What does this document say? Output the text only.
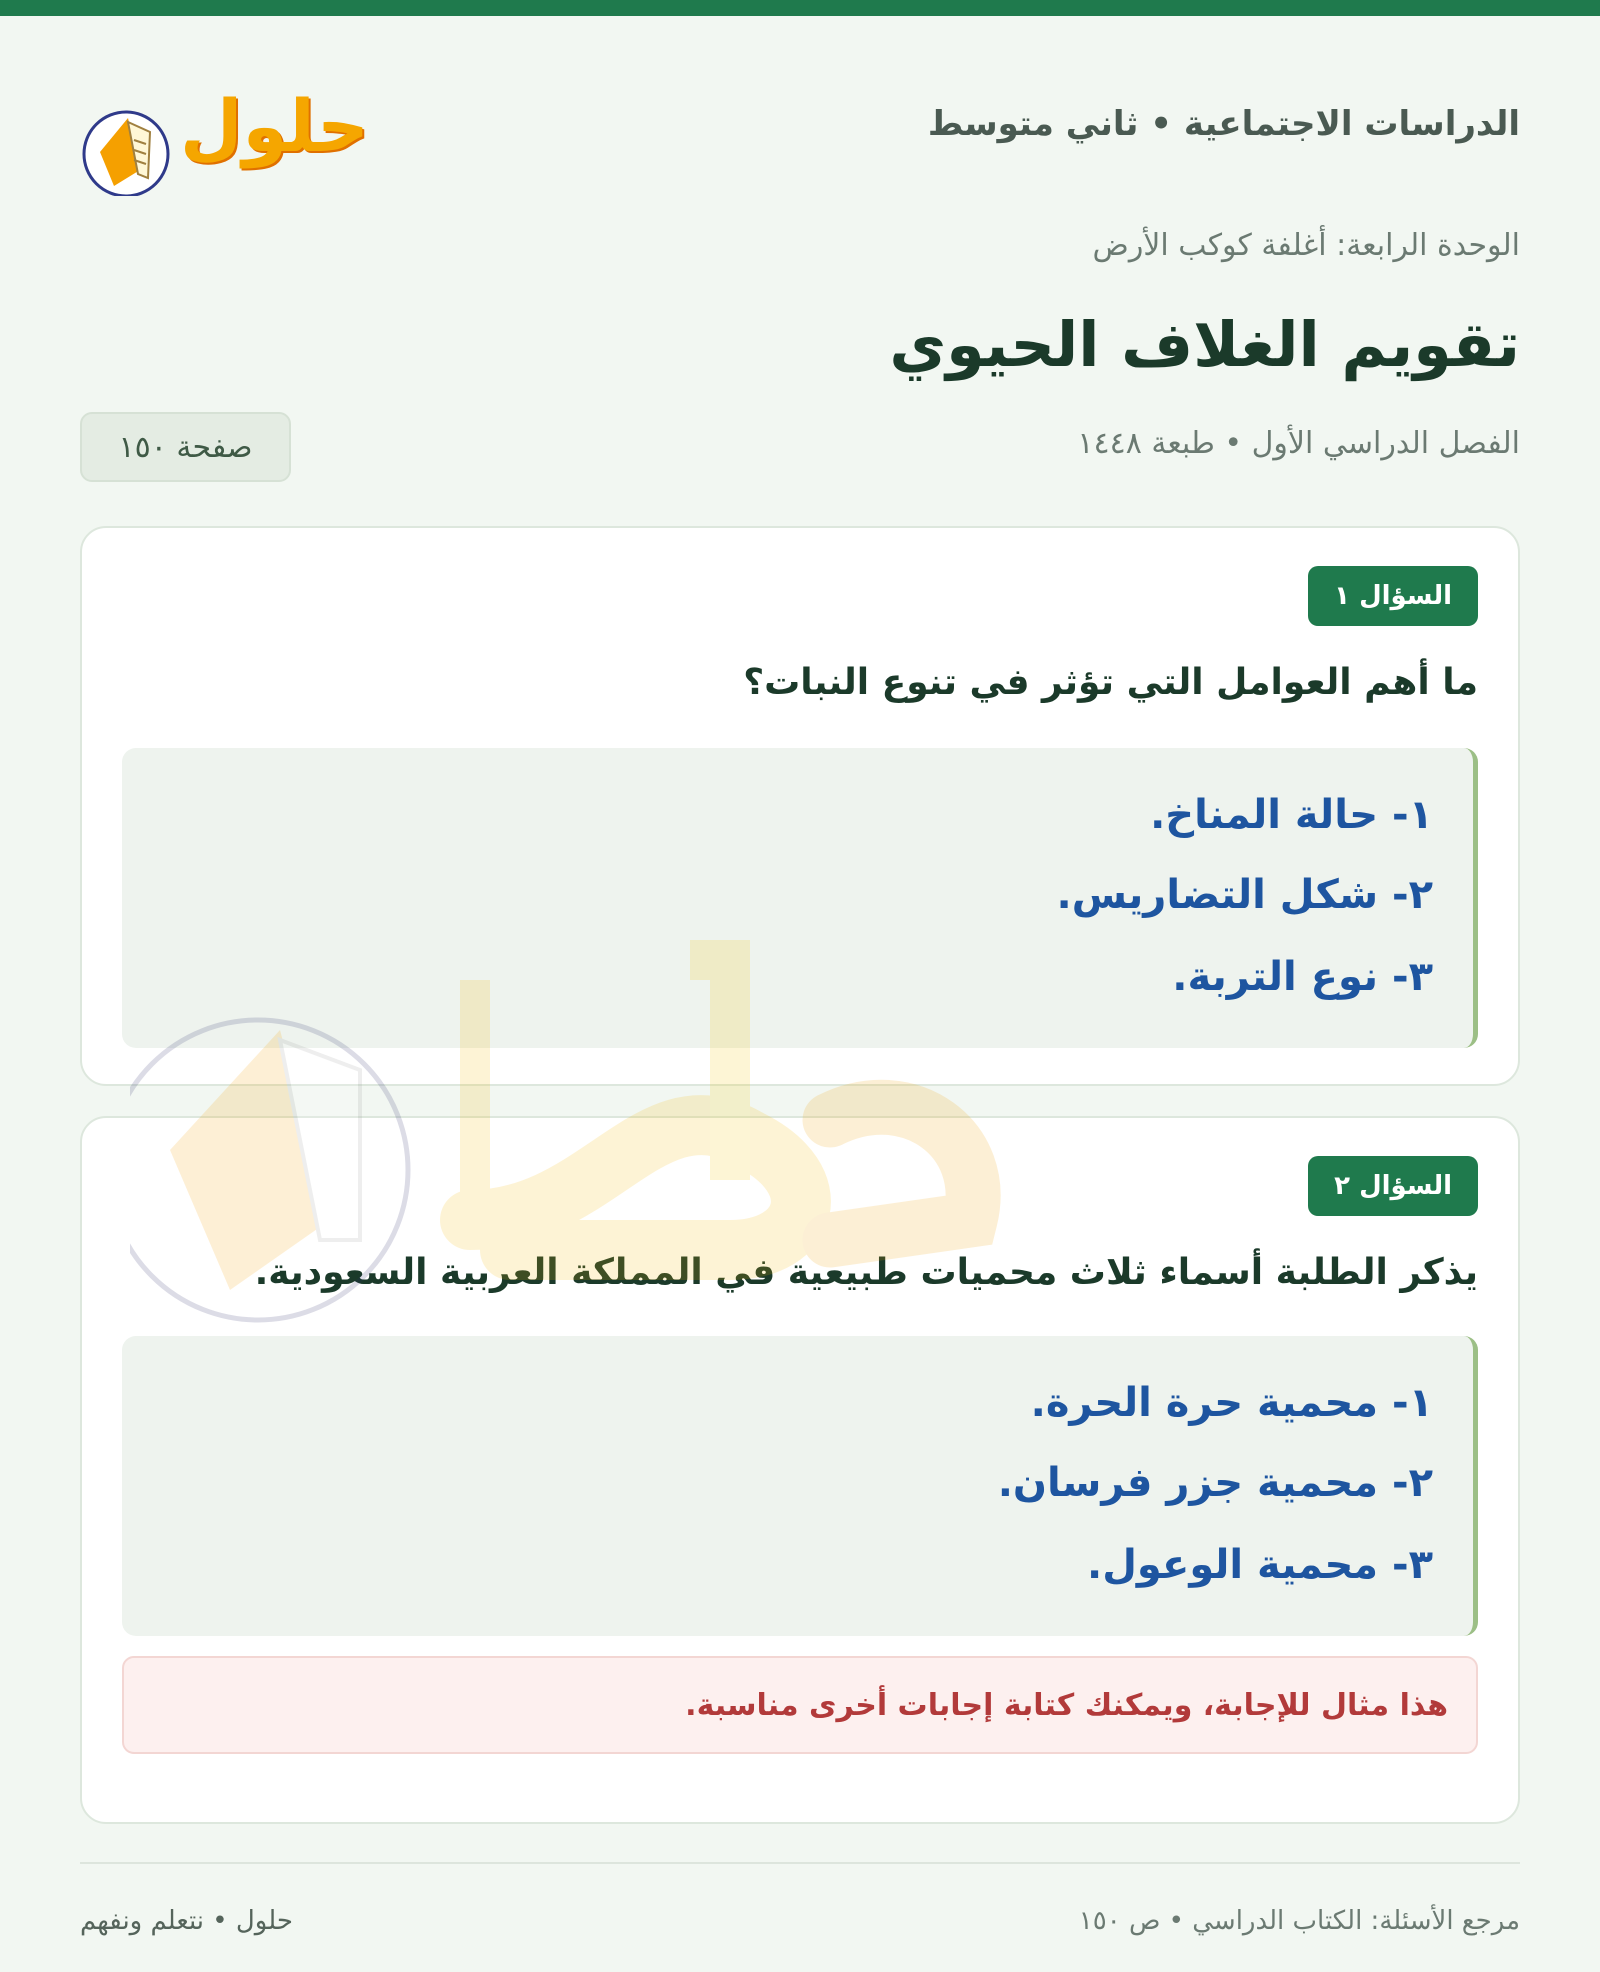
الدراسات الاجتماعية • ثاني متوسط
حلول
الوحدة الرابعة: أغلفة كوكب الأرض
تقويم الغلاف الحيوي
الفصل الدراسي الأول • طبعة ١٤٤٨
صفحة ١٥٠
السؤال ١
ما أهم العوامل التي تؤثر في تنوع النبات؟
١- حالة المناخ.
٢- شكل التضاريس.
٣- نوع التربة.
السؤال ٢
يذكر الطلبة أسماء ثلاث محميات طبيعية في المملكة العربية السعودية.
١- محمية حرة الحرة.
٢- محمية جزر فرسان.
٣- محمية الوعول.
هذا مثال للإجابة، ويمكنك كتابة إجابات أخرى مناسبة.
مرجع الأسئلة: الكتاب الدراسي • ص ١٥٠
حلول • نتعلم ونفهم
